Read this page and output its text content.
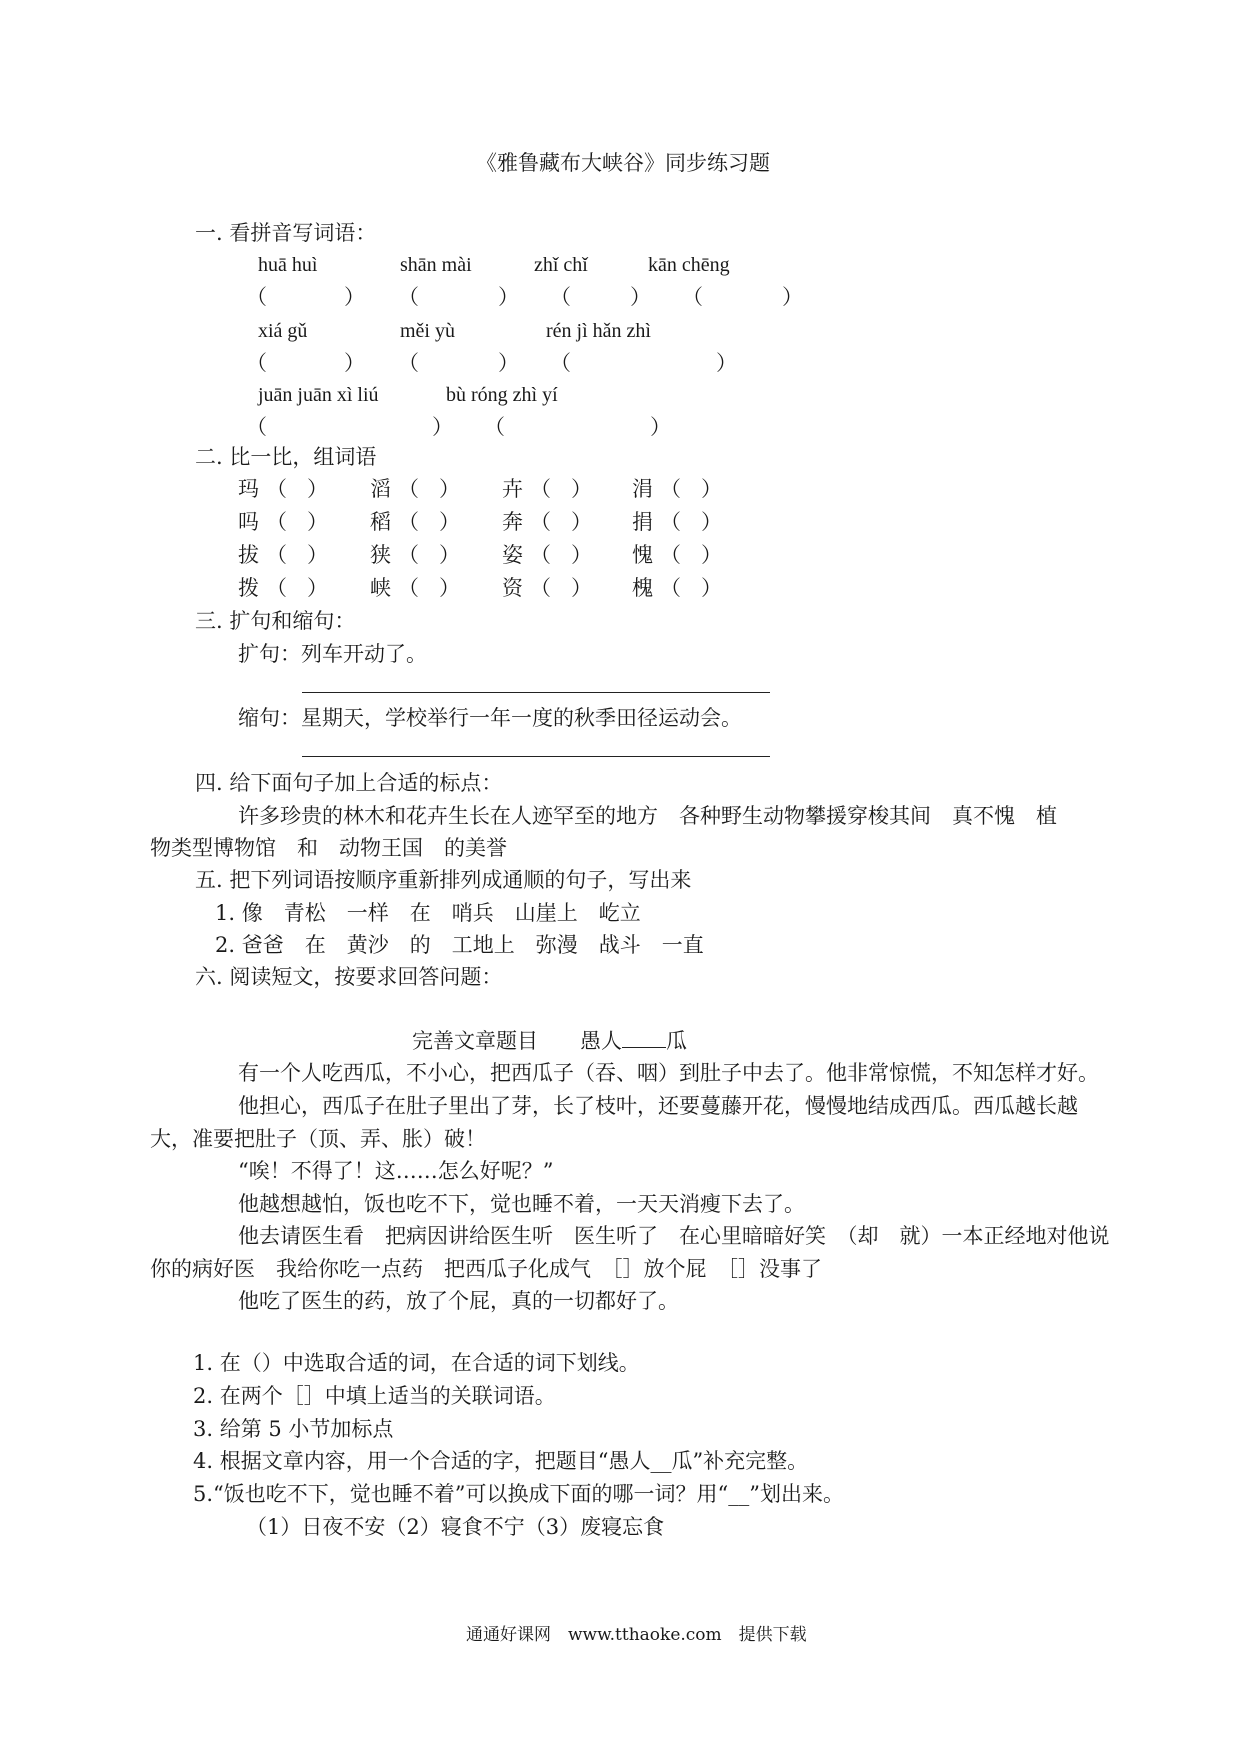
《雅鲁藏布大峡谷》同步练习题
一. 看拼音写词语：
huā huì	shān mài	zhǐ chǐ	kān chēng
（	） （	） （	） （	）
xiá gǔ	měi yù	rén jì hǎn zhì
（	） （	） （	）
juān juān xì liú	bù róng zhì yí
（	） （	）
二. 比一比，组词语
玛 （ ） 滔 （ ） 卉 （ ） 涓 （ ）
吗 （ ） 稻 （ ） 奔 （ ） 捐 （ ）
拔 （ ） 狭 （ ） 姿 （ ） 愧 （ ）
拨 （ ） 峡 （ ） 资 （ ） 槐 （ ）
三. 扩句和缩句：
扩句：列车开动了。
缩句：星期天，学校举行一年一度的秋季田径运动会。
四. 给下面句子加上合适的标点：
许多珍贵的林木和花卉生长在人迹罕至的地方　各种野生动物攀援穿梭其间　真不愧　植
物类型博物馆　和　动物王国　的美誉
五. 把下列词语按顺序重新排列成通顺的句子，写出来
1. 像　青松　一样　在　哨兵　山崖上　屹立
2. 爸爸　在　黄沙　的　工地上　弥漫　战斗　一直
六. 阅读短文，按要求回答问题：
完善文章题目　　愚人 瓜
有一个人吃西瓜，不小心，把西瓜子（吞、咽）到肚子中去了。他非常惊慌，不知怎样才好。
他担心，西瓜子在肚子里出了芽，长了枝叶，还要蔓藤开花，慢慢地结成西瓜。西瓜越长越
大，准要把肚子（顶、弄、胀）破！
“唉！不得了！这……怎么好呢？”
他越想越怕，饭也吃不下，觉也睡不着，一天天消瘦下去了。
他去请医生看　把病因讲给医生听　医生听了　在心里暗暗好笑　（却　就）一本正经地对他说
你的病好医　我给你吃一点药　把西瓜子化成气　［］放个屁　［］没事了
他吃了医生的药，放了个屁，真的一切都好了。
1. 在（）中选取合适的词，在合适的词下划线。
2. 在两个［］中填上适当的关联词语。
3. 给第 5 小节加标点
4. 根据文章内容，用一个合适的字，把题目“愚人__瓜”补充完整。
5.“饭也吃不下，觉也睡不着”可以换成下面的哪一词？用“__”划出来。
（1）日夜不安（2）寝食不宁（3）废寝忘食
通通好课网　www.tthaoke.com　提供下载
